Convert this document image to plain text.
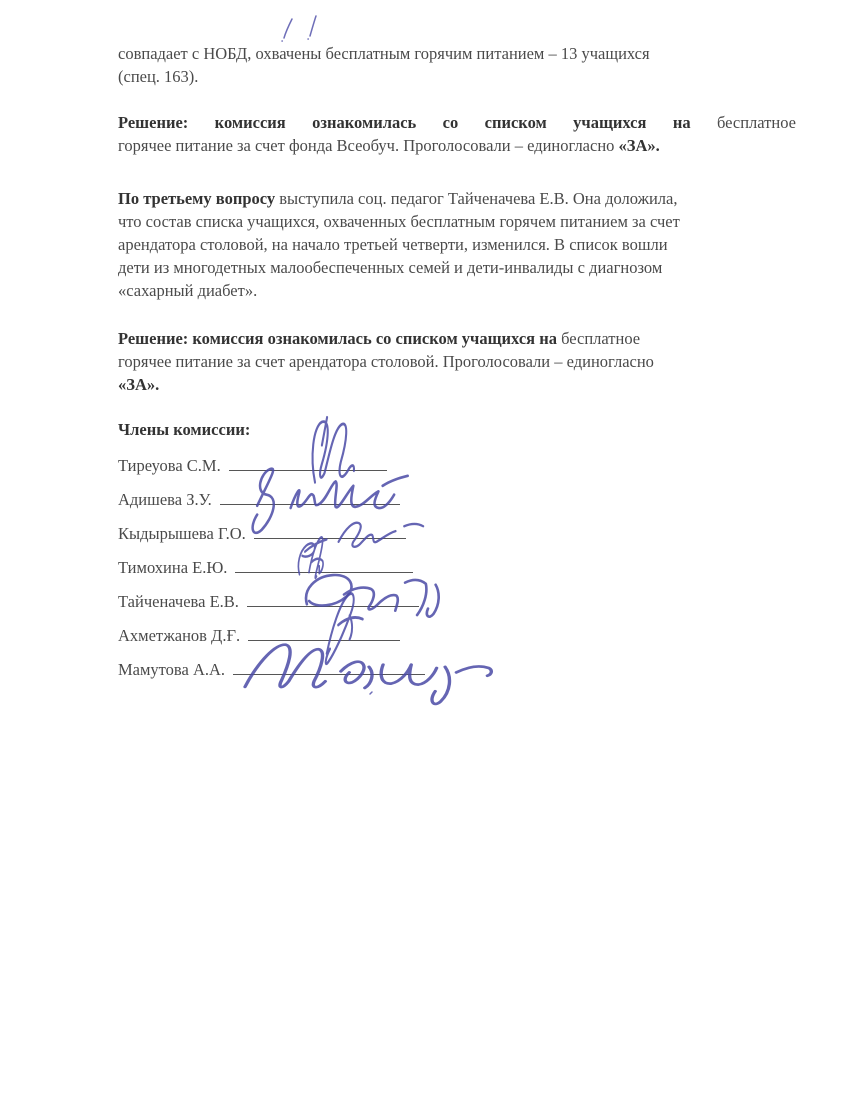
совпадает с НОБД, охвачены бесплатным горячим питанием – 13 учащихся
(спец. 163).
Решение: комиссия ознакомилась со списком учащихся на бесплатное
горячее питание за счет фонда Всеобуч. Проголосовали – единогласно «ЗА».
По третьему вопросу выступила соц. педагог Тайченачева Е.В. Она доложила,
что состав списка учащихся, охваченных бесплатным горячем питанием за счет
арендатора столовой, на начало третьей четверти, изменился. В список вошли
дети из многодетных малообеспеченных семей и дети-инвалиды с диагнозом
«сахарный диабет».
Решение: комиссия ознакомилась со списком учащихся на бесплатное
горячее питание за счет арендатора столовой. Проголосовали – единогласно
«ЗА».
Члены комиссии:
Тиреуова С.М.
Адишева З.У.
Кыдырышева Г.О.
Тимохина Е.Ю.
Тайченачева Е.В.
Ахметжанов Д.Ғ.
Мамутова А.А.
